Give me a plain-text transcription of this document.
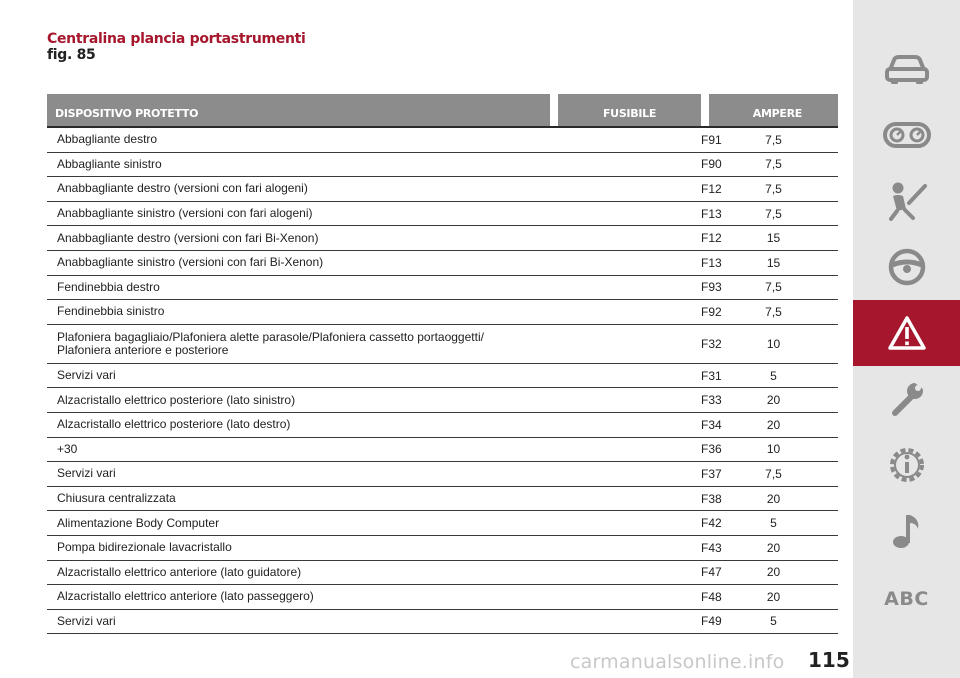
Centralina plancia portastrumenti
fig. 85
DISPOSITIVO PROTETTO		FUSIBILE		AMPERE

Abbagliante destro			F91	7,5
Abbagliante sinistro			F90	7,5
Anabbagliante destro (versioni con fari alogeni)			F12	7,5
Anabbagliante sinistro (versioni con fari alogeni)			F13	7,5
Anabbagliante destro (versioni con fari Bi-Xenon)			F12	15
Anabbagliante sinistro (versioni con fari Bi-Xenon)			F13	15
Fendinebbia destro			F93	7,5
Fendinebbia sinistro			F92	7,5
Plafoniera bagagliaio/Plafoniera alette parasole/Plafoniera cassetto portaoggetti/
Plafoniera anteriore e posteriore			F32	10
Servizi vari			F31	5
Alzacristallo elettrico posteriore (lato sinistro)			F33	20
Alzacristallo elettrico posteriore (lato destro)			F34	20
+30			F36	10
Servizi vari			F37	7,5
Chiusura centralizzata			F38	20
Alimentazione Body Computer			F42	5
Pompa bidirezionale lavacristallo			F43	20
Alzacristallo elettrico anteriore (lato guidatore)			F47	20
Alzacristallo elettrico anteriore (lato passeggero)			F48	20
Servizi vari			F49	5
ABC
carmanualsonline.info 115
